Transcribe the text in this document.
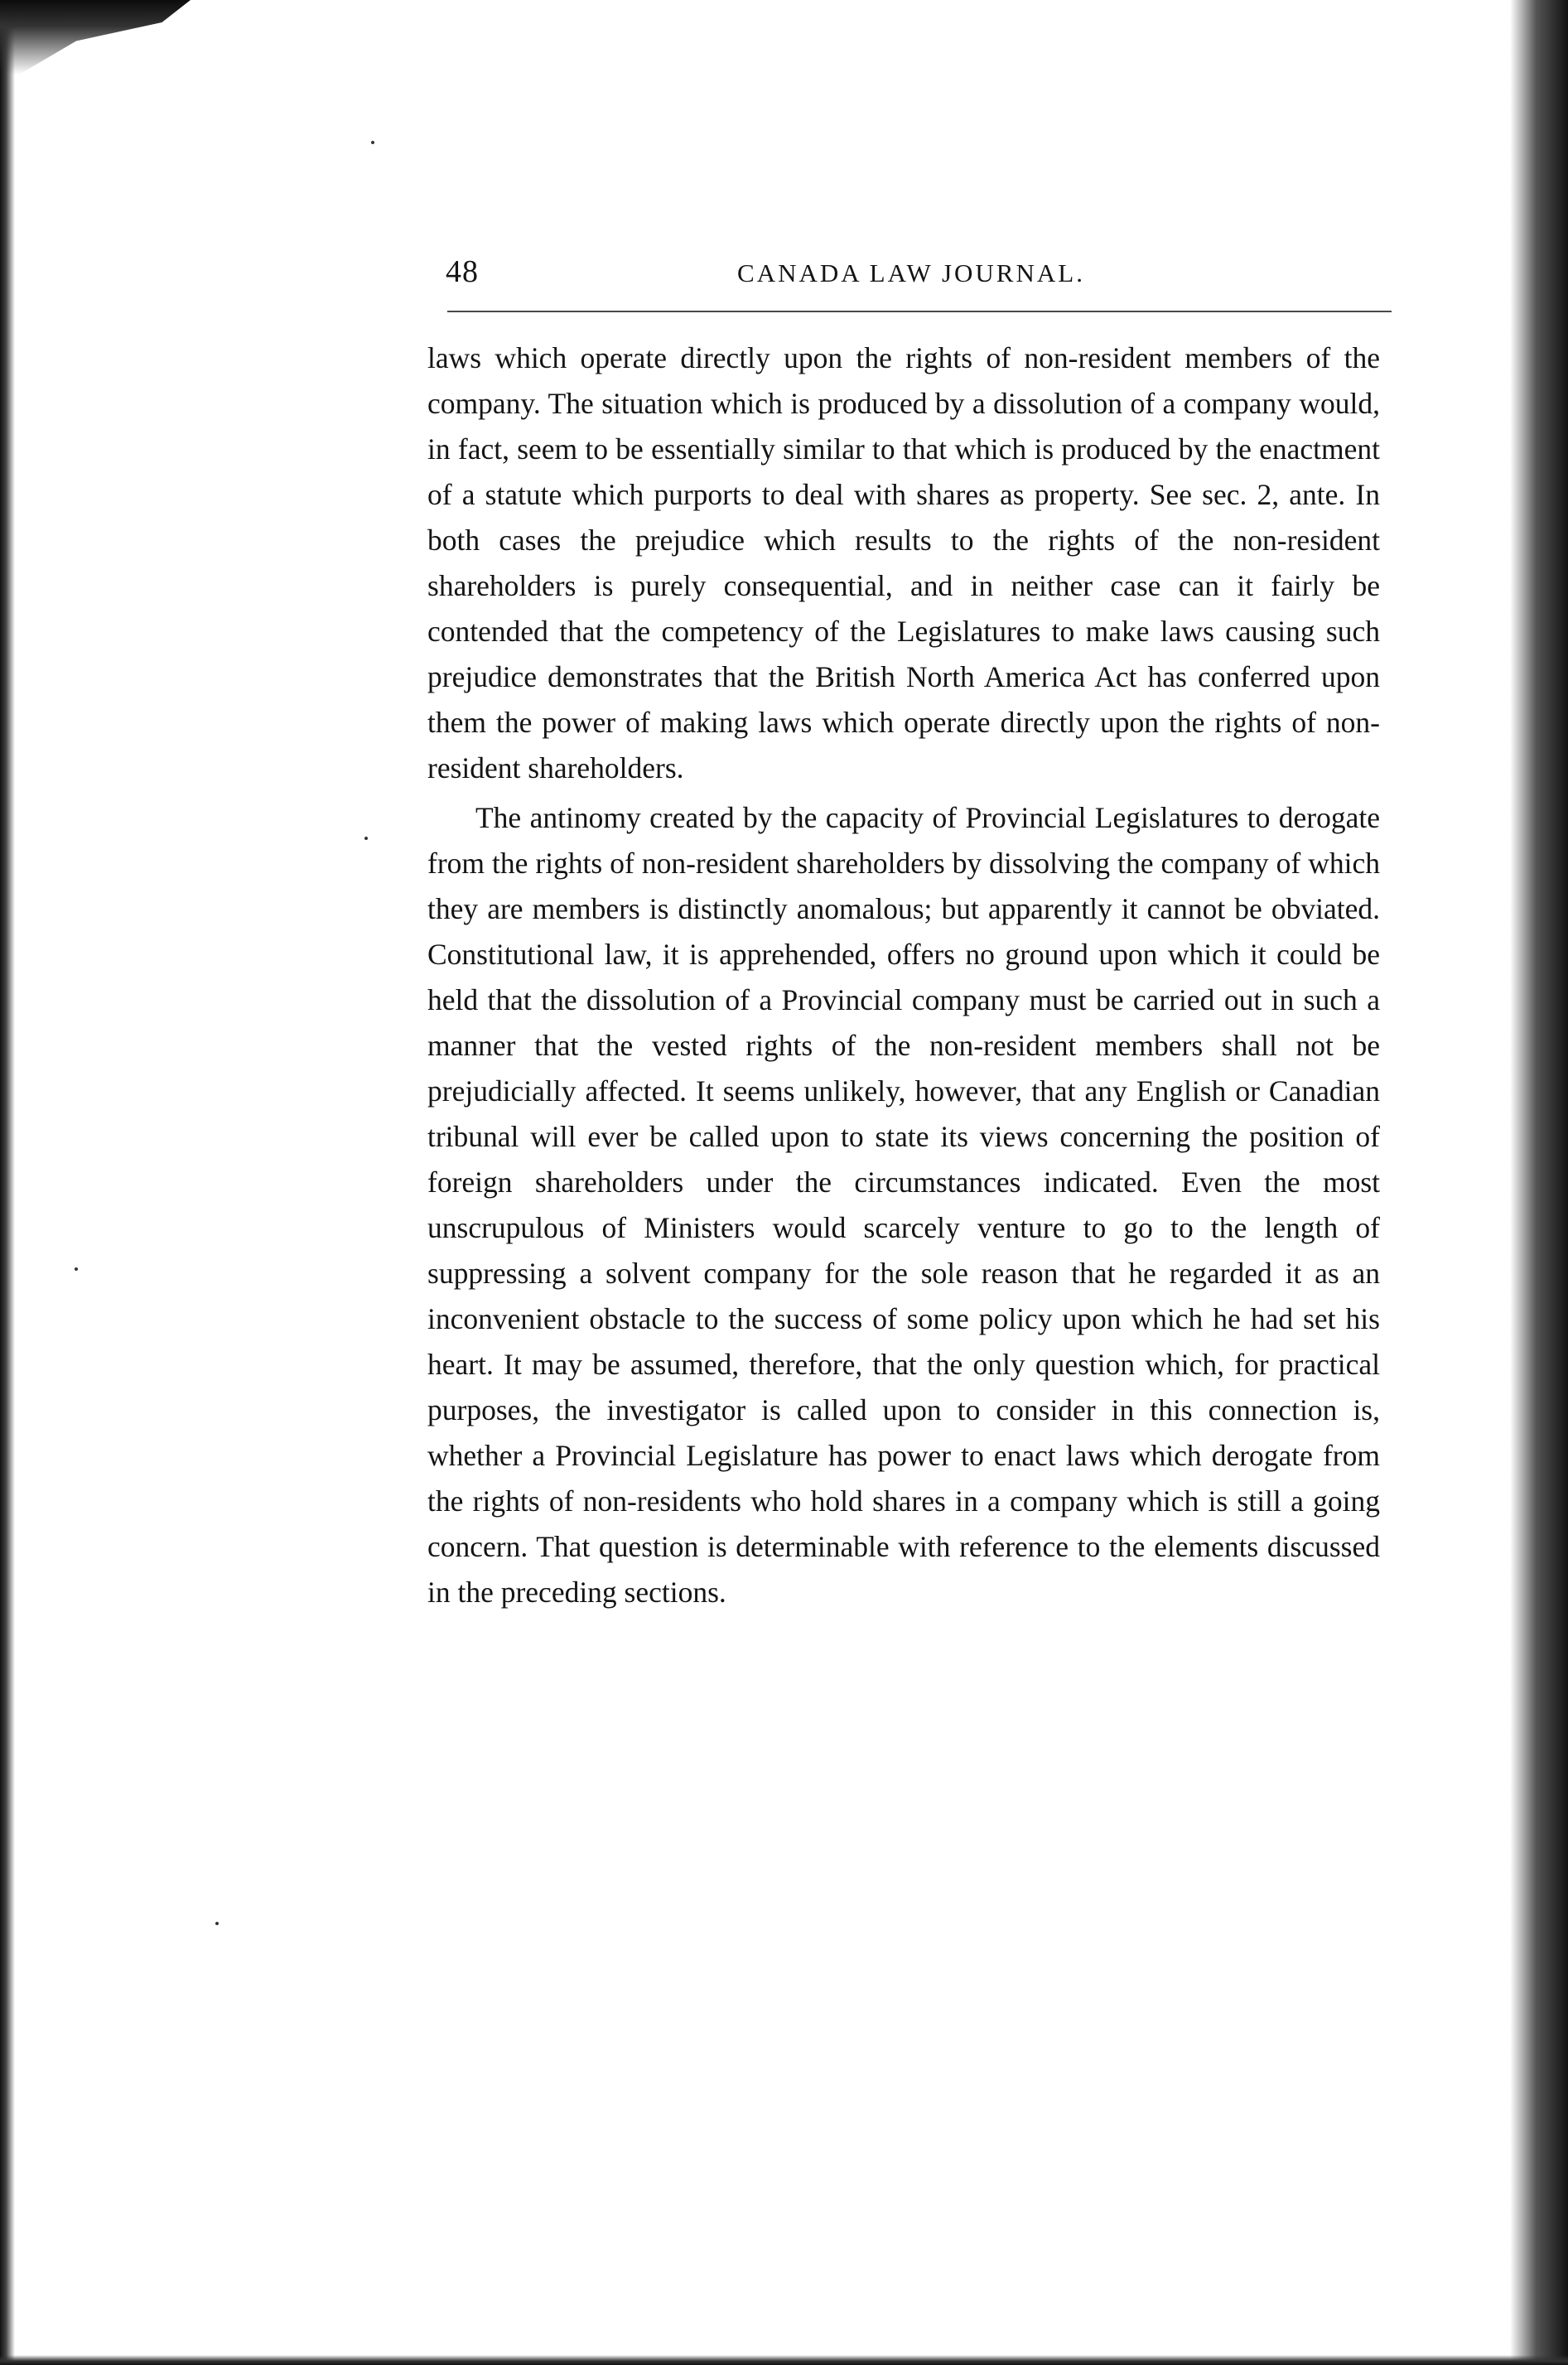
48	CANADA LAW JOURNAL.

laws which operate directly upon the rights of non-resident members of the company. The situation which is produced by a dissolution of a company would, in fact, seem to be essentially similar to that which is produced by the enactment of a statute which purports to deal with shares as property. See sec. 2, ante. In both cases the prejudice which results to the rights of the non-resident shareholders is purely consequential, and in neither case can it fairly be contended that the competency of the Legislatures to make laws causing such prejudice demonstrates that the British North America Act has conferred upon them the power of making laws which operate directly upon the rights of non-resident shareholders.

The antinomy created by the capacity of Provincial Legislatures to derogate from the rights of non-resident shareholders by dissolving the company of which they are members is distinctly anomalous; but apparently it cannot be obviated. Constitutional law, it is apprehended, offers no ground upon which it could be held that the dissolution of a Provincial company must be carried out in such a manner that the vested rights of the non-resident members shall not be prejudicially affected. It seems unlikely, however, that any English or Canadian tribunal will ever be called upon to state its views concerning the position of foreign shareholders under the circumstances indicated. Even the most unscrupulous of Ministers would scarcely venture to go to the length of suppressing a solvent company for the sole reason that he regarded it as an inconvenient obstacle to the success of some policy upon which he had set his heart. It may be assumed, therefore, that the only question which, for practical purposes, the investigator is called upon to consider in this connection is, whether a Provincial Legislature has power to enact laws which derogate from the rights of non-residents who hold shares in a company which is still a going concern. That question is determinable with reference to the elements discussed in the preceding sections.
